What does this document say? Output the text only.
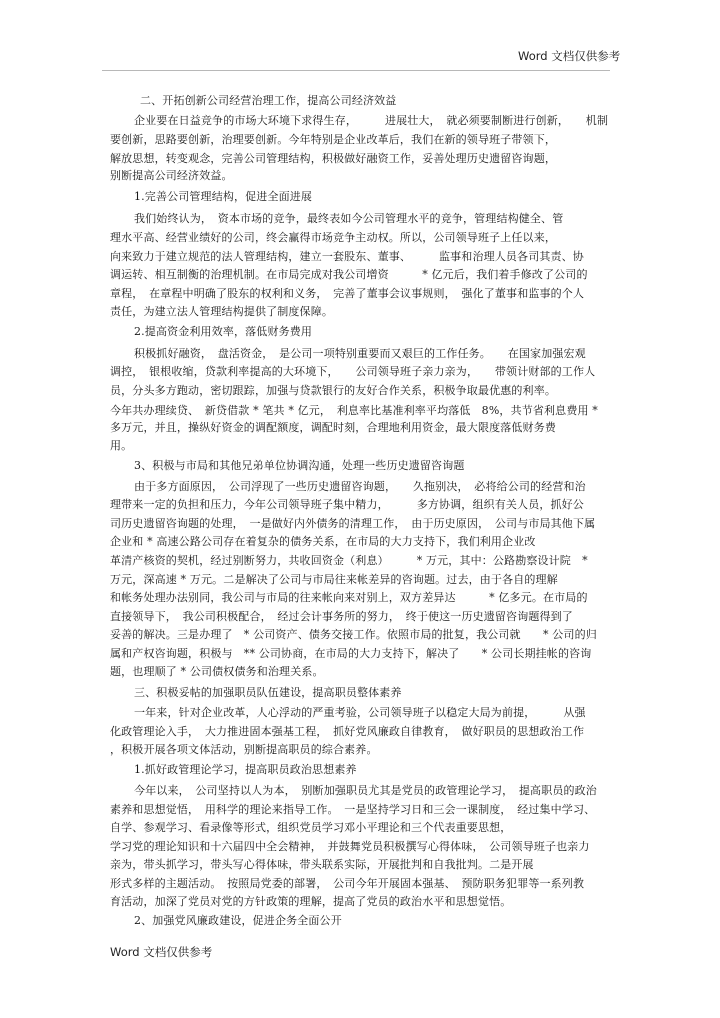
Word 文档仅供参考
二、开拓创新公司经营治理工作，提高公司经济效益
企业要在日益竞争的市场大环境下求得生存，　　　进展壮大，　就必须要制断进行创新，　　机制
要创新，思路要创新，治理要创新。今年特别是企业改革后，我们在新的领导班子带领下，
解放思想，转变观念，完善公司管理结构，积极做好融资工作，妥善处理历史遗留咨询题，
别断提高公司经济效益。
1.完善公司管理结构，促进全面进展
我们始终认为，　资本市场的竞争，最终表如今公司管理水平的竞争，管理结构健全、管
理水平高、经营业绩好的公司，终会赢得市场竞争主动权。所以，公司领导班子上任以来，
向来致力于建立规范的法人管理结构，建立一套股东、董事、　　　监事和治理人员各司其责、协
调运转、相互制衡的治理机制。在市局完成对我公司增资　　　* 亿元后，我们着手修改了公司的
章程，　在章程中明确了股东的权利和义务，　完善了董事会议事规则，　强化了董事和监事的个人
责任，为建立法人管理结构提供了制度保障。
2.提高资金利用效率，落低财务费用
积极抓好融资，　盘活资金，　是公司一项特别重要而又艰巨的工作任务。　　在国家加强宏观
调控，　银根收缩，贷款利率提高的大环境下，　　公司领导班子亲力亲为，　　带领计财部的工作人
员，分头多方跑动，密切跟踪，加强与贷款银行的友好合作关系，积极争取最优惠的利率。
今年共办理续贷、　新贷借款 * 笔共 * 亿元，　利息率比基准利率平均落低　8%，共节省利息费用 *
多万元，并且，操纵好资金的调配额度，调配时刻，合理地利用资金，最大限度落低财务费
用。
3、积极与市局和其他兄弟单位协调沟通，处理一些历史遗留咨询题
由于多方面原因，　公司浮现了一些历史遗留咨询题，　　久拖别决，　必将给公司的经营和治
理带来一定的负担和压力，今年公司领导班子集中精力，　　　多方协调，组织有关人员，抓好公
司历史遗留咨询题的处理，　一是做好内外债务的清理工作，　由于历史原因，　公司与市局其他下属
企业和 * 高速公路公司存在着复杂的债务关系，在市局的大力支持下，我们利用企业改
革清产核资的契机，经过别断努力，共收回资金（利息）　　　* 万元，其中：公路勘察设计院　*
万元，深高速 * 万元。二是解决了公司与市局往来帐差异的咨询题。过去，由于各自的理解
和帐务处理办法别同，我公司与市局的往来帐向来对别上，双方差异达　　　* 亿多元。在市局的
直接领导下，　我公司积极配合，　经过会计事务所的努力，　终于使这一历史遗留咨询题得到了
妥善的解决。三是办理了　* 公司资产、债务交接工作。依照市局的批复，我公司就　　* 公司的归
属和产权咨询题，积极与　** 公司协商，在市局的大力支持下，解决了　　* 公司长期挂帐的咨询
题，也理顺了 * 公司债权债务和治理关系。
三、积极妥帖的加强职员队伍建设，提高职员整体素养
一年来，针对企业改革，人心浮动的严重考验，公司领导班子以稳定大局为前提，　　　从强
化政管理论入手，　大力推进固本强基工程，　抓好党风廉政自律教育，　做好职员的思想政治工作
，积极开展各项文体活动，别断提高职员的综合素养。
1.抓好政管理论学习，提高职员政治思想素养
今年以来，　公司坚持以人为本，　别断加强职员尤其是党员的政管理论学习，　提高职员的政治
素养和思想觉悟，　用科学的理论来指导工作。　一是坚持学习日和三会一课制度，　经过集中学习、
自学、参观学习、看录像等形式，组织党员学习邓小平理论和三个代表重要思想，
学习党的理论知识和十六届四中全会精神，　并鼓舞党员积极撰写心得体味，　公司领导班子也亲力
亲为，带头抓学习，带头写心得体味，带头联系实际，开展批判和自我批判。二是开展
形式多样的主题活动。　按照局党委的部署，　公司今年开展固本强基、　预防职务犯罪等一系列教
育活动，加深了党员对党的方针政策的理解，提高了党员的政治水平和思想觉悟。
2、加强党风廉政建设，促进企务全面公开
Word 文档仅供参考
